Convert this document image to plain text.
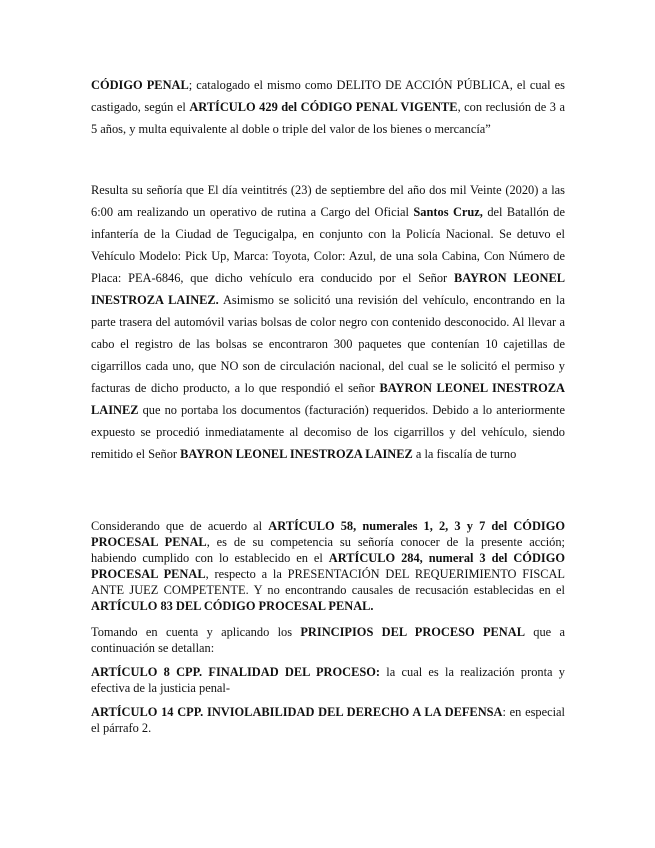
CÓDIGO PENAL; catalogado el mismo como DELITO DE ACCIÓN PÚBLICA, el cual es castigado, según el ARTÍCULO 429 del CÓDIGO PENAL VIGENTE, con reclusión de 3 a 5 años, y multa equivalente al doble o triple del valor de los bienes o mercancía”

Resulta su señoría que El día veintitrés (23) de septiembre del año dos mil Veinte (2020) a las 6:00 am realizando un operativo de rutina a Cargo del Oficial Santos Cruz, del Batallón de infantería de la Ciudad de Tegucigalpa, en conjunto con la Policía Nacional. Se detuvo el Vehículo Modelo: Pick Up, Marca: Toyota, Color: Azul, de una sola Cabina, Con Número de Placa: PEA-6846, que dicho vehículo era conducido por el Señor BAYRON LEONEL INESTROZA LAINEZ. Asimismo se solicitó una revisión del vehículo, encontrando en la parte trasera del automóvil varias bolsas de color negro con contenido desconocido. Al llevar a cabo el registro de las bolsas se encontraron 300 paquetes que contenían 10 cajetillas de cigarrillos cada uno, que NO son de circulación nacional, del cual se le solicitó el permiso y facturas de dicho producto, a lo que respondió el señor BAYRON LEONEL INESTROZA LAINEZ que no portaba los documentos (facturación) requeridos. Debido a lo anteriormente expuesto se procedió inmediatamente al decomiso de los cigarrillos y del vehículo, siendo remitido el Señor BAYRON LEONEL INESTROZA LAINEZ a la fiscalía de turno

Considerando que de acuerdo al ARTÍCULO 58, numerales 1, 2, 3 y 7 del CÓDIGO PROCESAL PENAL, es de su competencia su señoría conocer de la presente acción; habiendo cumplido con lo establecido en el ARTÍCULO 284, numeral 3 del CÓDIGO PROCESAL PENAL, respecto a la PRESENTACIÓN DEL REQUERIMIENTO FISCAL ANTE JUEZ COMPETENTE. Y no encontrando causales de recusación establecidas en el ARTÍCULO 83 DEL CÓDIGO PROCESAL PENAL.

Tomando en cuenta y aplicando los PRINCIPIOS DEL PROCESO PENAL que a continuación se detallan:

ARTÍCULO 8 CPP. FINALIDAD DEL PROCESO: la cual es la realización pronta y efectiva de la justicia penal-

ARTÍCULO 14 CPP. INVIOLABILIDAD DEL DERECHO A LA DEFENSA: en especial el párrafo 2.
